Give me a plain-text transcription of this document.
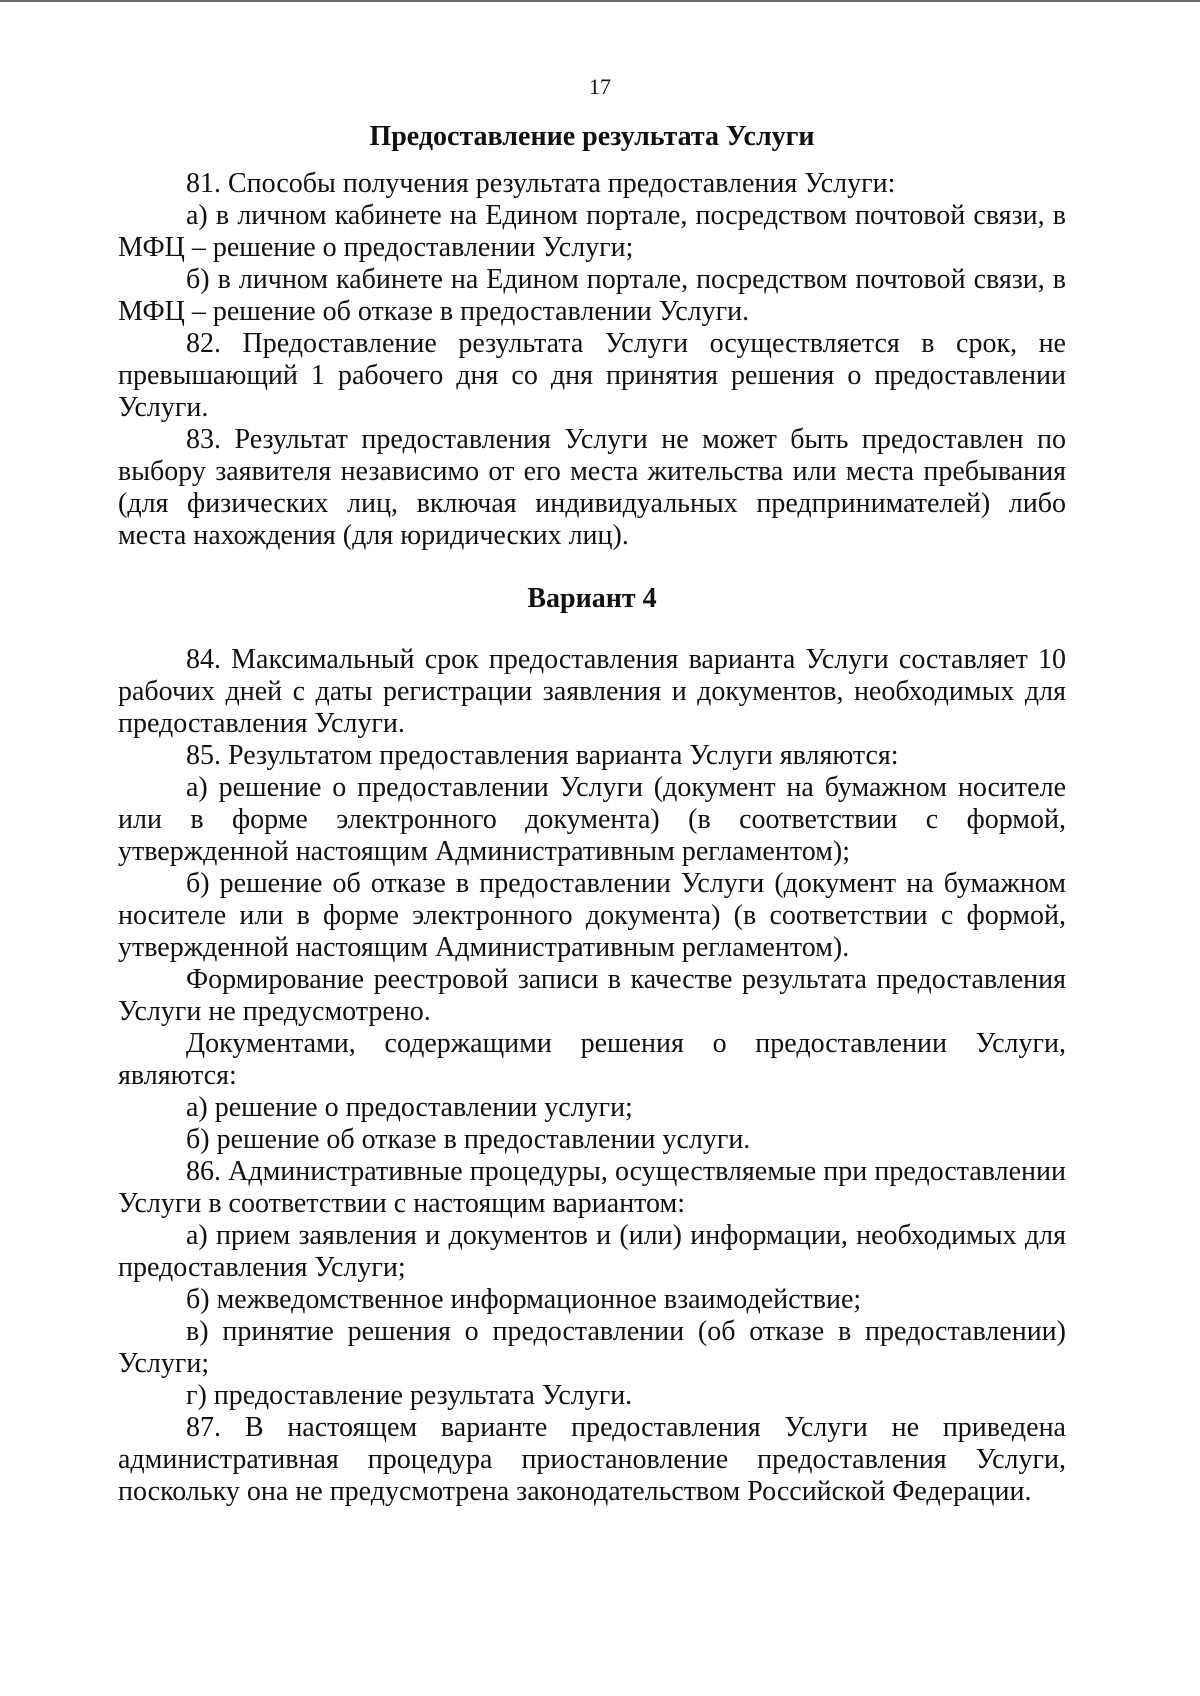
17
Предоставление результата Услуги

81. Способы получения результата предоставления Услуги:

а) в личном кабинете на Едином портале, посредством почтовой связи, в МФЦ – решение о предоставлении Услуги;

б) в личном кабинете на Едином портале, посредством почтовой связи, в МФЦ – решение об отказе в предоставлении Услуги.

82. Предоставление результата Услуги осуществляется в срок, не превышающий 1 рабочего дня со дня принятия решения о предоставлении Услуги.

83. Результат предоставления Услуги не может быть предоставлен по выбору заявителя независимо от его места жительства или места пребывания (для физических лиц, включая индивидуальных предпринимателей) либо места нахождения (для юридических лиц).

Вариант 4

84. Максимальный срок предоставления варианта Услуги составляет 10 рабочих дней с даты регистрации заявления и документов, необходимых для предоставления Услуги.

85. Результатом предоставления варианта Услуги являются:

а) решение о предоставлении Услуги (документ на бумажном носителе или в форме электронного документа) (в соответствии с формой, утвержденной настоящим Административным регламентом);

б) решение об отказе в предоставлении Услуги (документ на бумажном носителе или в форме электронного документа) (в соответствии с формой, утвержденной настоящим Административным регламентом).

Формирование реестровой записи в качестве результата предоставления Услуги не предусмотрено.

Документами, содержащими решения о предоставлении Услуги, являются:

а) решение о предоставлении услуги;

б) решение об отказе в предоставлении услуги.

86. Административные процедуры, осуществляемые при предоставлении Услуги в соответствии с настоящим вариантом:

а) прием заявления и документов и (или) информации, необходимых для предоставления Услуги;

б) межведомственное информационное взаимодействие;

в) принятие решения о предоставлении (об отказе в предоставлении) Услуги;

г) предоставление результата Услуги.

87. В настоящем варианте предоставления Услуги не приведена административная процедура приостановление предоставления Услуги, поскольку она не предусмотрена законодательством Российской Федерации.
